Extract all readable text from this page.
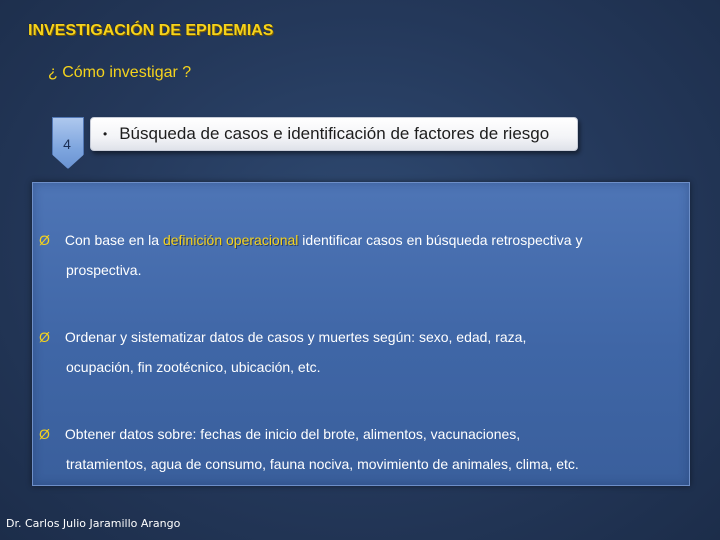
INVESTIGACIÓN DE EPIDEMIAS
¿ Cómo investigar ?
4
• Búsqueda de casos e identificación de factores de riesgo
Ø Con base en la definición operacional identificar casos en búsqueda retrospectiva y
prospectiva.
Ø Ordenar y sistematizar datos de casos y muertes según: sexo, edad, raza,
ocupación, fin zootécnico, ubicación, etc.
Ø Obtener datos sobre: fechas de inicio del brote, alimentos, vacunaciones,
tratamientos, agua de consumo, fauna nociva, movimiento de animales, clima, etc.
Dr. Carlos Julio Jaramillo Arango
